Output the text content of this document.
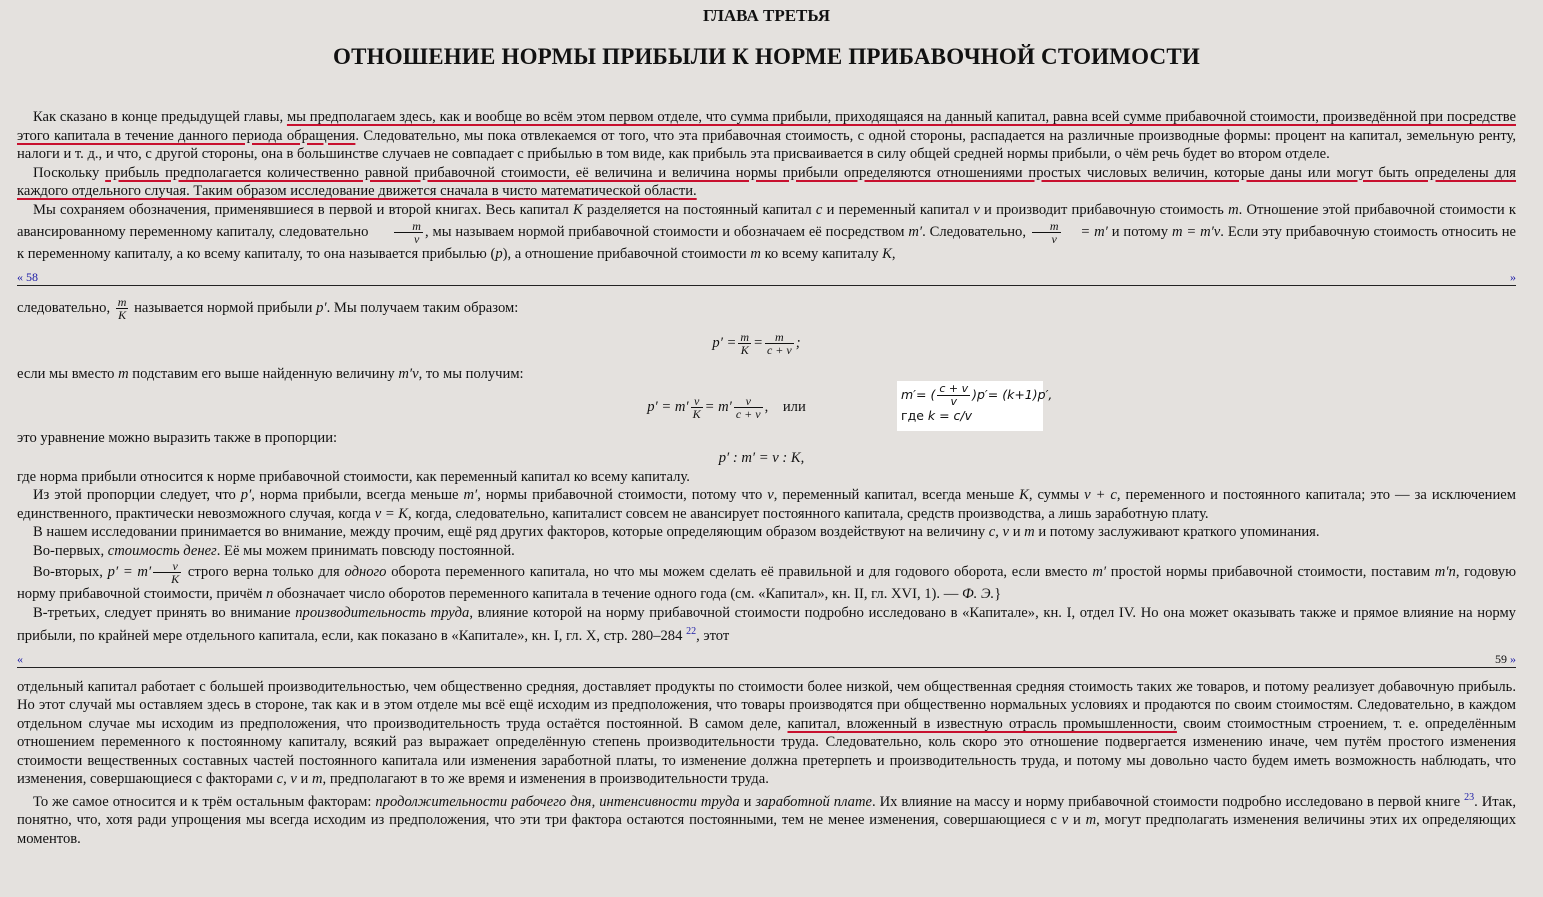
ГЛАВА ТРЕТЬЯ
ОТНОШЕНИЕ НОРМЫ ПРИБЫЛИ К НОРМЕ ПРИБАВОЧНОЙ СТОИМОСТИ

Как сказано в конце предыдущей главы, мы предполагаем здесь, как и вообще во всём этом первом отделе, что сумма прибыли, приходящаяся на данный капитал, равна всей сумме прибавочной стоимости, произведённой при посредстве этого капитала в течение данного периода обращения. Следовательно, мы пока отвлекаемся от того, что эта прибавочная стоимость, с одной стороны, распадается на различные производные формы: процент на капитал, земельную ренту, налоги и т. д., и что, с другой стороны, она в большинстве случаев не совпадает с прибылью в том виде, как прибыль эта присваивается в силу общей средней нормы прибыли, о чём речь будет во втором отделе.

Поскольку прибыль предполагается количественно равной прибавочной стоимости, её величина и величина нормы прибыли определяются отношениями простых числовых величин, которые даны или могут быть определены для каждого отдельного случая. Таким образом исследование движется сначала в чисто математической области.

Мы сохраняем обозначения, применявшиеся в первой и второй книгах. Весь капитал K разделяется на постоянный капитал c и переменный капитал v и производит прибавочную стоимость m. Отношение этой прибавочной стоимости к авансированному переменному капиталу, следовательно $\frac{m}{v}$ , мы называем нормой прибавочной стоимости и обозначаем её посредством m′. Следовательно, $\frac{m}{v} = m'$ и потому m = m′v. Если эту прибавочную стоимость относить не к переменному капиталу, а ко всему капиталу, то она называется прибылью (p), а отношение прибавочной стоимости m ко всему капиталу K,

« 58	»

следовательно, $\frac{m}{K}$ называется нормой прибыли p′. Мы получаем таким образом:

$p' = \frac{m}{K} = \frac{m}{c + v}$ ;

если мы вместо m подставим его выше найденную величину m′v, то мы получим:

$p' = m' \frac{v}{K} = m' \frac{v}{c + v}$ ,    или
m′= ( $\frac{c + v}{v} )p'= (k+1)p'$,
где k = c/v

это уравнение можно выразить также в пропорции:

p′ : m′ = v : K,

где норма прибыли относится к норме прибавочной стоимости, как переменный капитал ко всему капиталу.

Из этой пропорции следует, что p′, норма прибыли, всегда меньше m′, нормы прибавочной стоимости, потому что v, переменный капитал, всегда меньше K, суммы v + c, переменного и постоянного капитала; это — за исключением единственного, практически невозможного случая, когда v = K, когда, следовательно, капиталист совсем не авансирует постоянного капитала, средств производства, а лишь заработную плату.

В нашем исследовании принимается во внимание, между прочим, ещё ряд других факторов, которые определяющим образом воздействуют на величину c, v и m и потому заслуживают краткого упоминания.

Во-первых, стоимость денег. Её мы можем принимать повсюду постоянной.

Во-вторых, $p' = m' \frac{v}{K}$ строго верна только для одного оборота переменного капитала, но что мы можем сделать её правильной и для годового оборота, если вместо m′ простой нормы прибавочной стоимости, поставим m′n, годовую норму прибавочной стоимости, причём n обозначает число оборотов переменного капитала в течение одного года (см. «Капитал», кн. II, гл. XVI, 1). — Ф. Э.}

В-третьих, следует принять во внимание производительность труда, влияние которой на норму прибавочной стоимости подробно исследовано в «Капитале», кн. I, отдел IV. Но она может оказывать также и прямое влияние на норму прибыли, по крайней мере отдельного капитала, если, как показано в «Капитале», кн. I, гл. X, стр. 280–284 $^{22}$, этот

«	59 »

отдельный капитал работает с большей производительностью, чем общественно средняя, доставляет продукты по стоимости более низкой, чем общественная средняя стоимость таких же товаров, и потому реализует добавочную прибыль. Но этот случай мы оставляем здесь в стороне, так как и в этом отделе мы всё ещё исходим из предположения, что товары производятся при общественно нормальных условиях и продаются по своим стоимостям. Следовательно, в каждом отдельном случае мы исходим из предположения, что производительность труда остаётся постоянной. В самом деле, капитал, вложенный в известную отрасль промышленности, своим стоимостным строением, т. е. определённым отношением переменного к постоянному капиталу, всякий раз выражает определённую степень производительности труда. Следовательно, коль скоро это отношение подвергается изменению иначе, чем путём простого изменения стоимости вещественных составных частей постоянного капитала или изменения заработной платы, то изменение должна претерпеть и производительность труда, и потому мы довольно часто будем иметь возможность наблюдать, что изменения, совершающиеся с факторами c, v и m, предполагают в то же время и изменения в производительности труда.

То же самое относится и к трём остальным факторам: продолжительности рабочего дня, интенсивности труда и заработной плате. Их влияние на массу и норму прибавочной стоимости подробно исследовано в первой книге $^{23}$. Итак, понятно, что, хотя ради упрощения мы всегда исходим из предположения, что эти три фактора остаются постоянными, тем не менее изменения, совершающиеся с v и m, могут предполагать изменения величины этих их определяющих моментов.
